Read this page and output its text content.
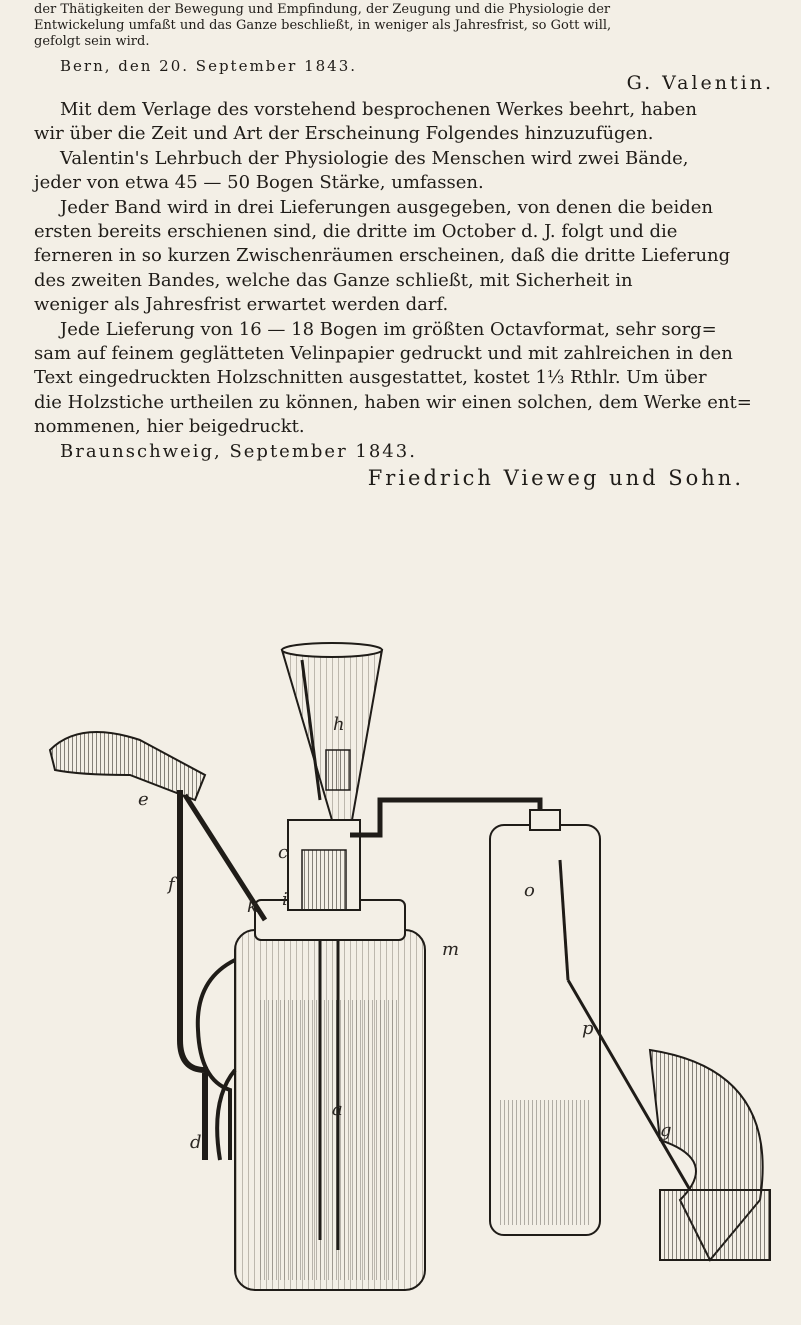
der Thätigkeiten der Bewegung und Empfindung, der Zeugung und die Physiologie der

Entwickelung umfaßt und das Ganze beschließt, in weniger als Jahresfrist, so Gott will,

gefolgt sein wird.

Bern, den 20. September 1843.

G. Valentin.

Mit dem Verlage des vorstehend besprochenen Werkes beehrt, haben

wir über die Zeit und Art der Erscheinung Folgendes hinzuzufügen.

Valentin's Lehrbuch der Physiologie des Menschen wird zwei Bände,

jeder von etwa 45 — 50 Bogen Stärke, umfassen.

Jeder Band wird in drei Lieferungen ausgegeben, von denen die beiden

ersten bereits erschienen sind, die dritte im October d. J. folgt und die

ferneren in so kurzen Zwischenräumen erscheinen, daß die dritte Lieferung

des zweiten Bandes, welche das Ganze schließt, mit Sicherheit in

weniger als Jahresfrist erwartet werden darf.

Jede Lieferung von 16 — 18 Bogen im größten Octavformat, sehr sorg=

sam auf feinem geglätteten Velinpapier gedruckt und mit zahlreichen in den

Text eingedruckten Holzschnitten ausgestattet, kostet 1⅓ Rthlr. Um über

die Holzstiche urtheilen zu können, haben wir einen solchen, dem Werke ent=

nommenen, hier beigedruckt.

Braunschweig, September 1843.

Friedrich Vieweg und Sohn.

h
e
c
f
k i	o
m
p
g
a
d
